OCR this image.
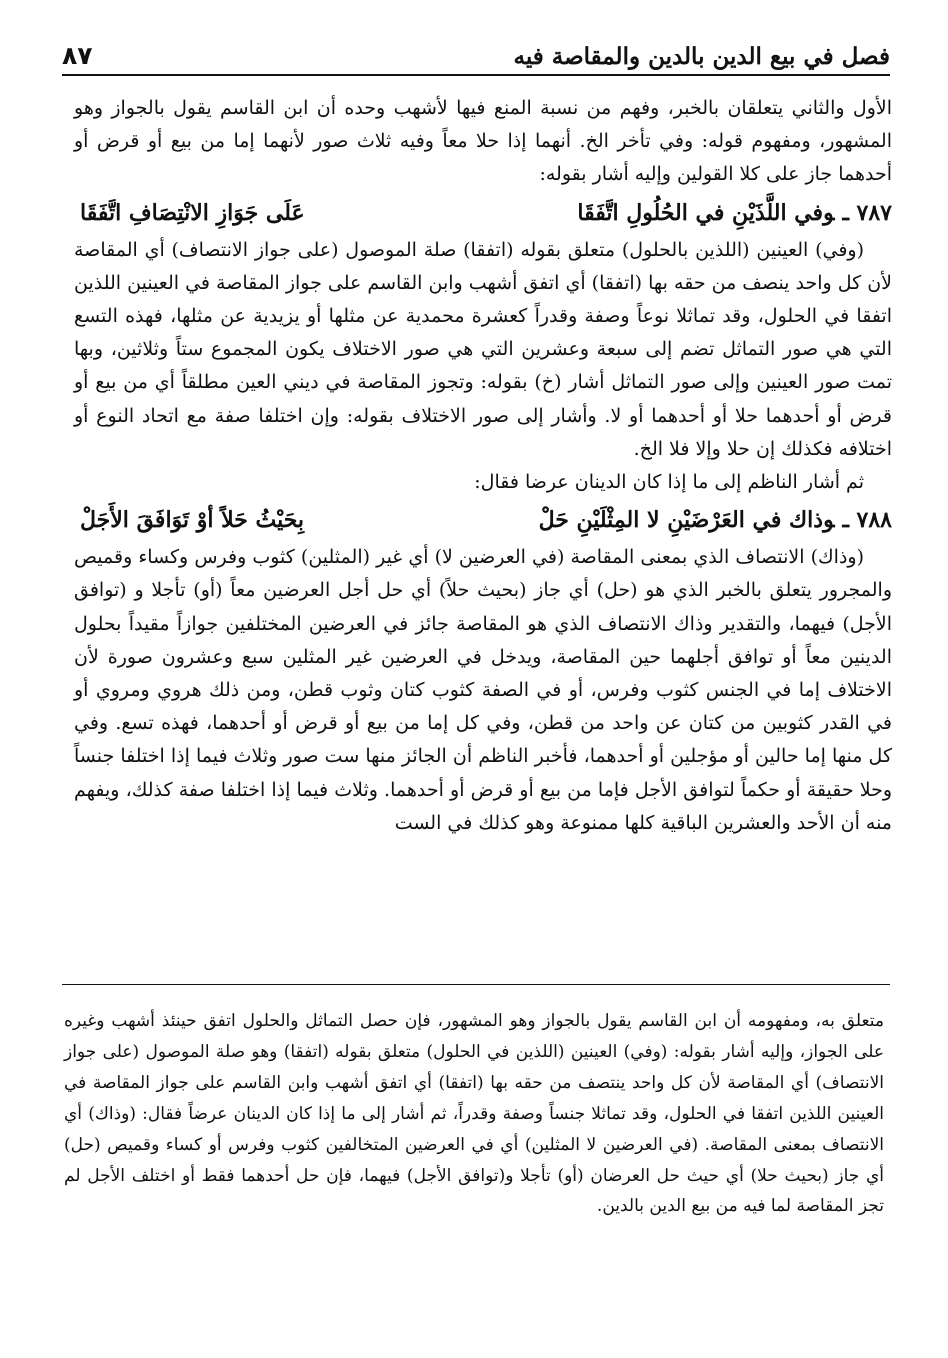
٨٧	فصل في بيع الدين بالدين والمقاصة فيه

الأول والثاني يتعلقان بالخبر، وفهم من نسبة المنع فيها لأشهب وحده أن ابن القاسم يقول بالجواز وهو المشهور، ومفهوم قوله: وفي تأخر الخ. أنهما إذا حلا معاً وفيه ثلاث صور لأنهما إما من بيع أو قرض أو أحدهما جاز على كلا القولين وإليه أشار بقوله:

٧٨٧ ـوفي اللَّذَيْنِ في الحُلُولِ اتَّفَقَا
عَلَى جَوَازِ الانْتِصَافِ اتَّفَقَا

(وفي) العينين (اللذين بالحلول) متعلق بقوله (اتفقا) صلة الموصول (على جواز الانتصاف) أي المقاصة لأن كل واحد ينصف من حقه بها (اتفقا) أي اتفق أشهب وابن القاسم على جواز المقاصة في العينين اللذين اتفقا في الحلول، وقد تماثلا نوعاً وصفة وقدراً كعشرة محمدية عن مثلها أو يزيدية عن مثلها، فهذه التسع التي هي صور التماثل تضم إلى سبعة وعشرين التي هي صور الاختلاف يكون المجموع ستاً وثلاثين، وبها تمت صور العينين وإلى صور التماثل أشار (خ) بقوله: وتجوز المقاصة في ديني العين مطلقاً أي من بيع أو قرض أو أحدهما حلا أو أحدهما أو لا. وأشار إلى صور الاختلاف بقوله: وإن اختلفا صفة مع اتحاد النوع أو اختلافه فكذلك إن حلا وإلا فلا الخ.

ثم أشار الناظم إلى ما إذا كان الدينان عرضا فقال:

٧٨٨ ـوذاك في العَرْضَيْنِ لا المِثْلَيْنِ حَلْ
بِحَيْثُ حَلاً أوْ تَوَافَقَ الأَجَلْ

(وذاك) الانتصاف الذي بمعنى المقاصة (في العرضين لا) أي غير (المثلين) كثوب وفرس وكساء وقميص والمجرور يتعلق بالخبر الذي هو (حل) أي جاز (بحيث حلاً) أي حل أجل العرضين معاً (أو) تأجلا و (توافق الأجل) فيهما، والتقدير وذاك الانتصاف الذي هو المقاصة جائز في العرضين المختلفين جوازاً مقيداً بحلول الدينين معاً أو توافق أجلهما حين المقاصة، ويدخل في العرضين غير المثلين سبع وعشرون صورة لأن الاختلاف إما في الجنس كثوب وفرس، أو في الصفة كثوب كتان وثوب قطن، ومن ذلك هروي ومروي أو في القدر كثوبين من كتان عن واحد من قطن، وفي كل إما من بيع أو قرض أو أحدهما، فهذه تسع. وفي كل منها إما حالين أو مؤجلين أو أحدهما، فأخبر الناظم أن الجائز منها ست صور وثلاث فيما إذا اختلفا جنساً وحلا حقيقة أو حكماً لتوافق الأجل فإما من بيع أو قرض أو أحدهما. وثلاث فيما إذا اختلفا صفة كذلك، ويفهم منه أن الأحد والعشرين الباقية كلها ممنوعة وهو كذلك في الست

متعلق به، ومفهومه أن ابن القاسم يقول بالجواز وهو المشهور، فإن حصل التماثل والحلول اتفق حينئذ أشهب وغيره على الجواز، وإليه أشار بقوله: (وفي) العينين (اللذين في الحلول) متعلق بقوله (اتفقا) وهو صلة الموصول (على جواز الانتصاف) أي المقاصة لأن كل واحد ينتصف من حقه بها (اتفقا) أي اتفق أشهب وابن القاسم على جواز المقاصة في العينين اللذين اتفقا في الحلول، وقد تماثلا جنساً وصفة وقدراً، ثم أشار إلى ما إذا كان الدينان عرضاً فقال: (وذاك) أي الانتصاف بمعنى المقاصة. (في العرضين لا المثلين) أي في العرضين المتخالفين كثوب وفرس أو كساء وقميص (حل) أي جاز (بحيث حلا) أي حيث حل العرضان (أو) تأجلا و(توافق الأجل) فيهما، فإن حل أحدهما فقط أو اختلف الأجل لم تجز المقاصة لما فيه من بيع الدين بالدين.
